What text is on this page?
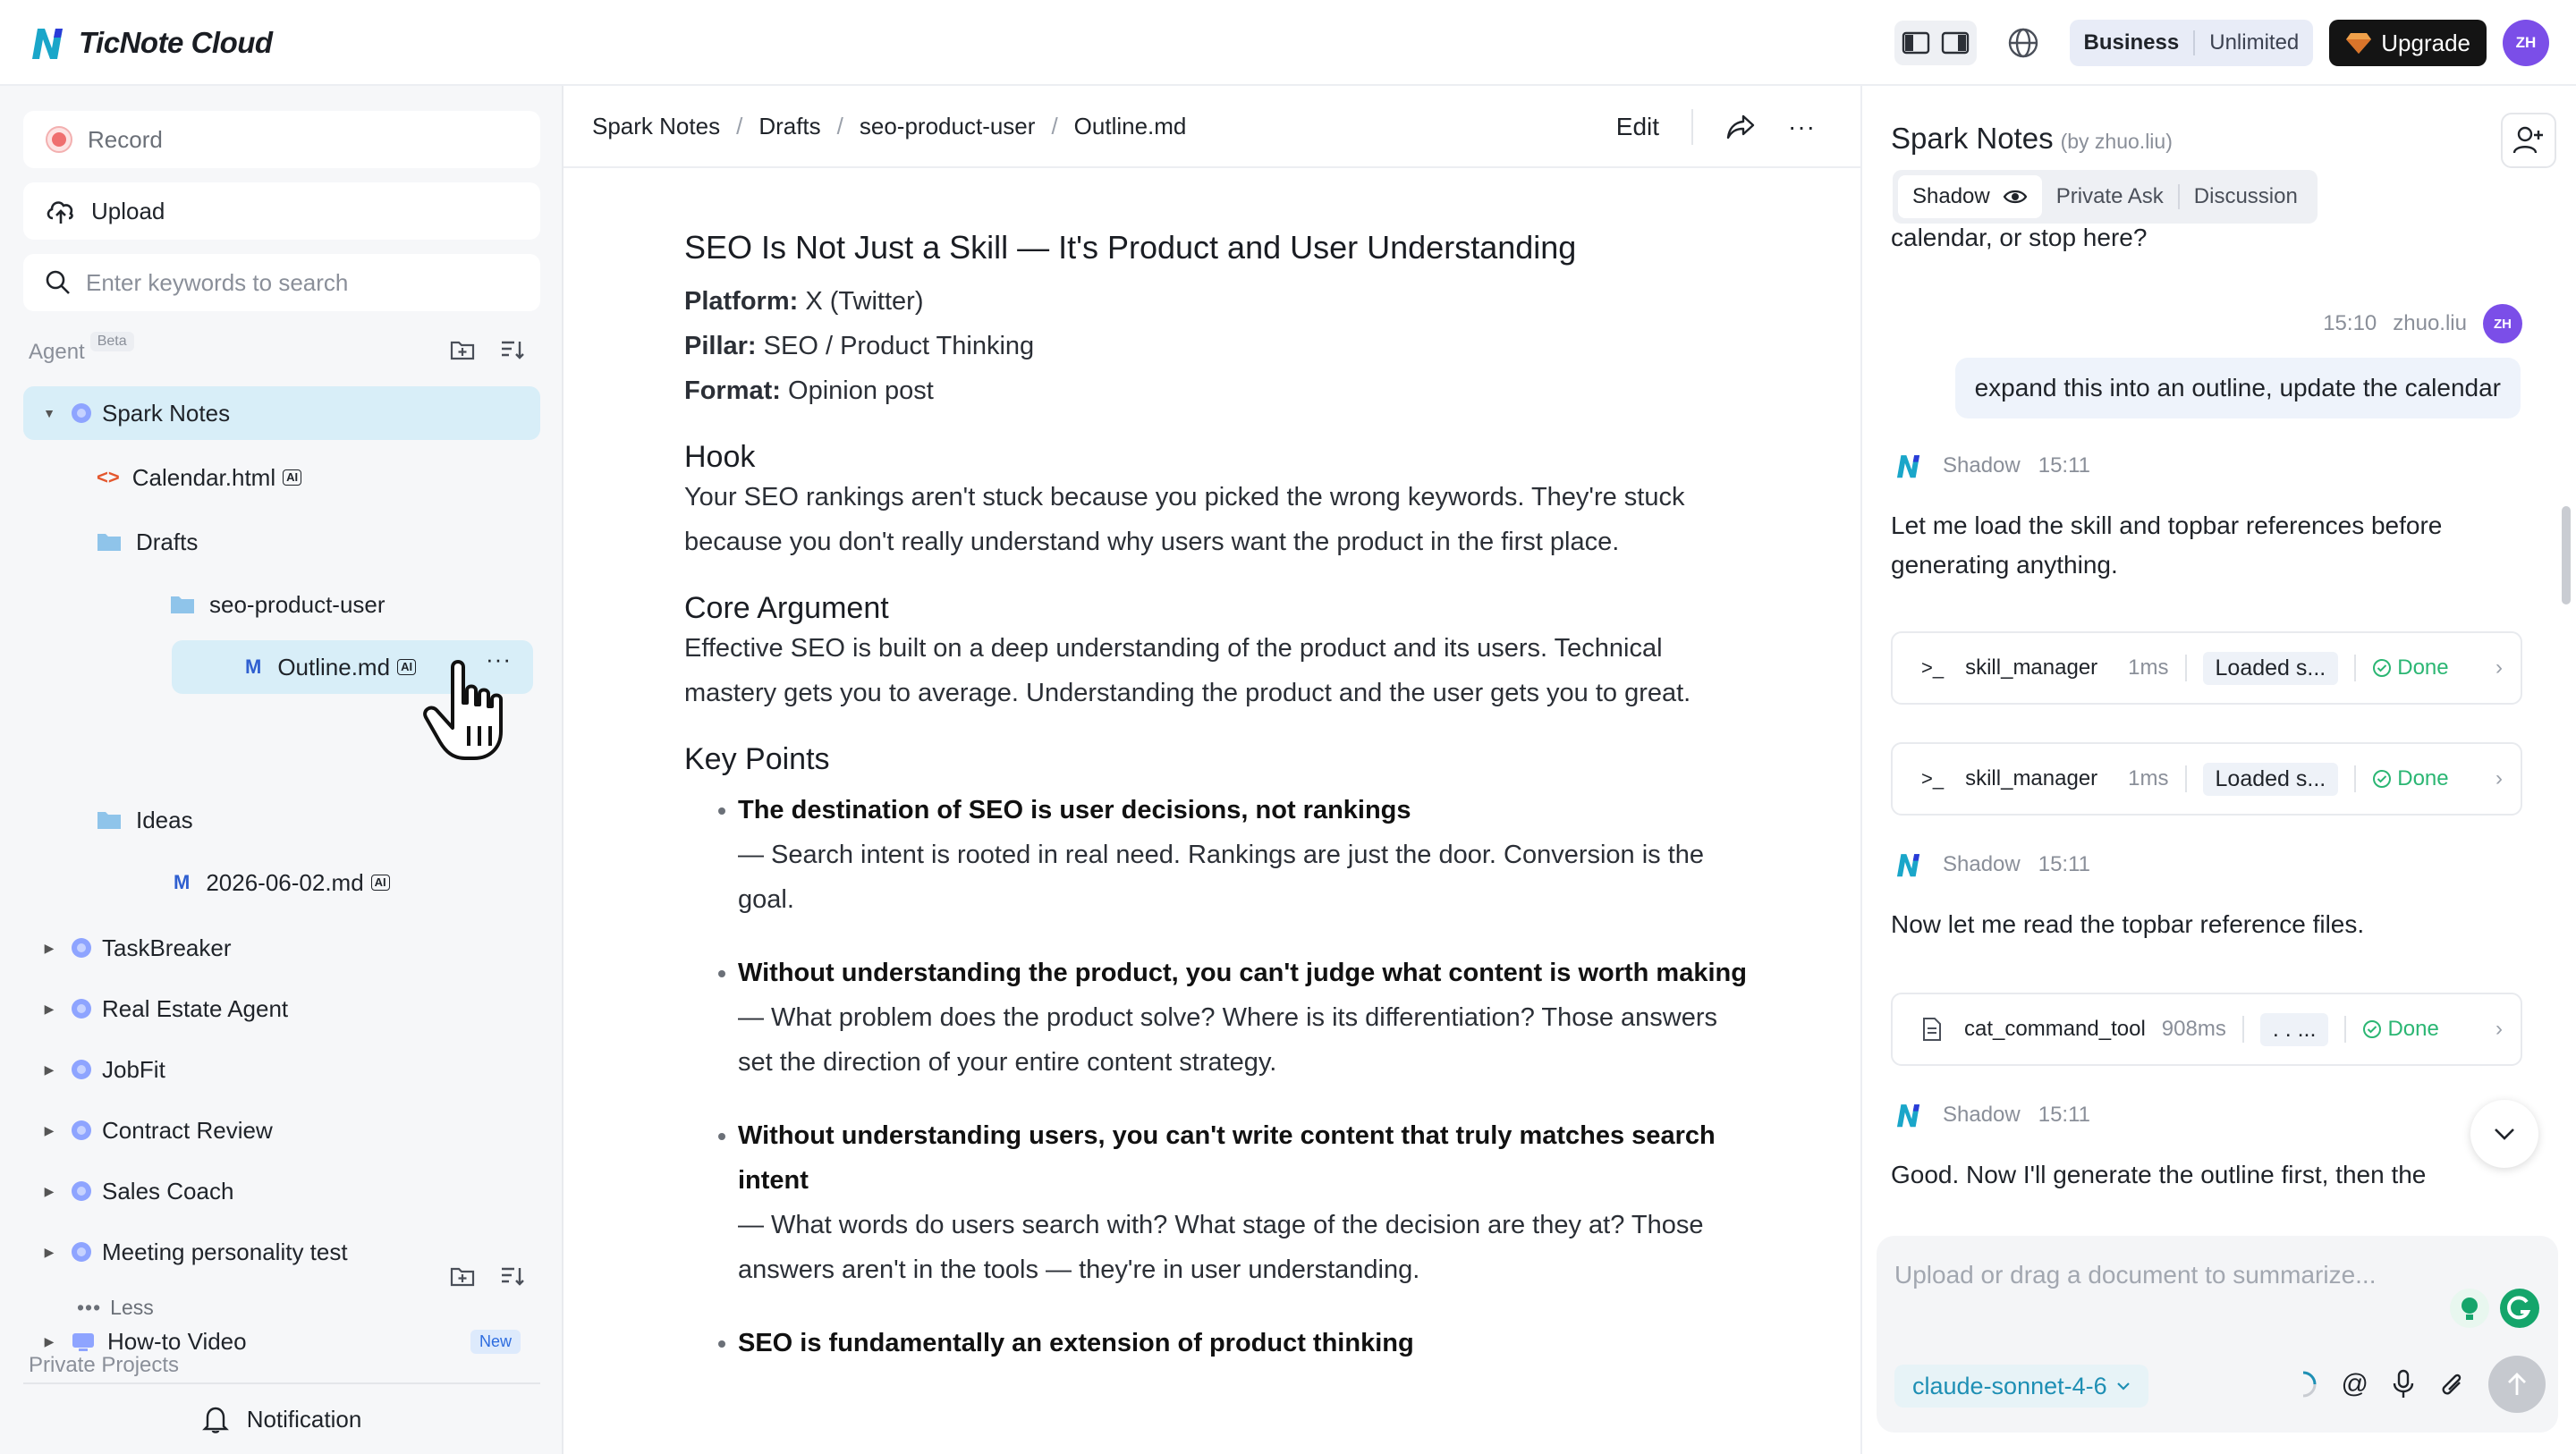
TicNote Cloud	Business	Unlimited	Upgrade	ZH
Record
Upload
Enter keywords to search
Agent Beta
▼ Spark Notes
<> Calendar.html AI
Drafts
seo-product-user
M Outline.md AI	···
Ideas
M 2026-06-02.md AI
▶ TaskBreaker
▶ Real Estate Agent
▶ JobFit
▶ Contract Review
▶ Sales Coach
▶ Meeting personality test
••• Less
Private Projects
▶ How-to Video	New
Notification
Spark Notes / Drafts / seo-product-user / Outline.md	Edit	···
SEO Is Not Just a Skill — It's Product and User Understanding

Platform: X (Twitter)

Pillar: SEO / Product Thinking

Format: Opinion post

Hook

Your SEO rankings aren't stuck because you picked the wrong keywords. They're stuck because you don't really understand why users want the product in the first place.

Core Argument

Effective SEO is built on a deep understanding of the product and its users. Technical mastery gets you to average. Understanding the product and the user gets you to great.

Key Points
The destination of SEO is user decisions, not rankings
— Search intent is rooted in real need. Rankings are just the door. Conversion is the goal.
Without understanding the product, you can't judge what content is worth making
— What problem does the product solve? Where is its differentiation? Those answers set the direction of your entire content strategy.
Without understanding users, you can't write content that truly matches search intent
— What words do users search with? What stage of the decision are they at? Those answers aren't in the tools — they're in user understanding.
SEO is fundamentally an extension of product thinking
Spark Notes (by zhuo.liu)
Shadow	Private Ask Discussion
calendar, or stop here?
15:10 zhuo.liu	ZH
expand this into an outline, update the calendar
Shadow 15:11
Let me load the skill and topbar references before generating anything.
>_ skill_manager 1ms	Loaded s...	Done ›
>_ skill_manager 1ms	Loaded s...	Done ›
Shadow 15:11
Now let me read the topbar reference files.
cat_command_tool 908ms	. . ...	Done	›
Shadow 15:11
Good. Now I'll generate the outline first, then the
Upload or drag a document to summarize...
claude-sonnet-4-6	@
